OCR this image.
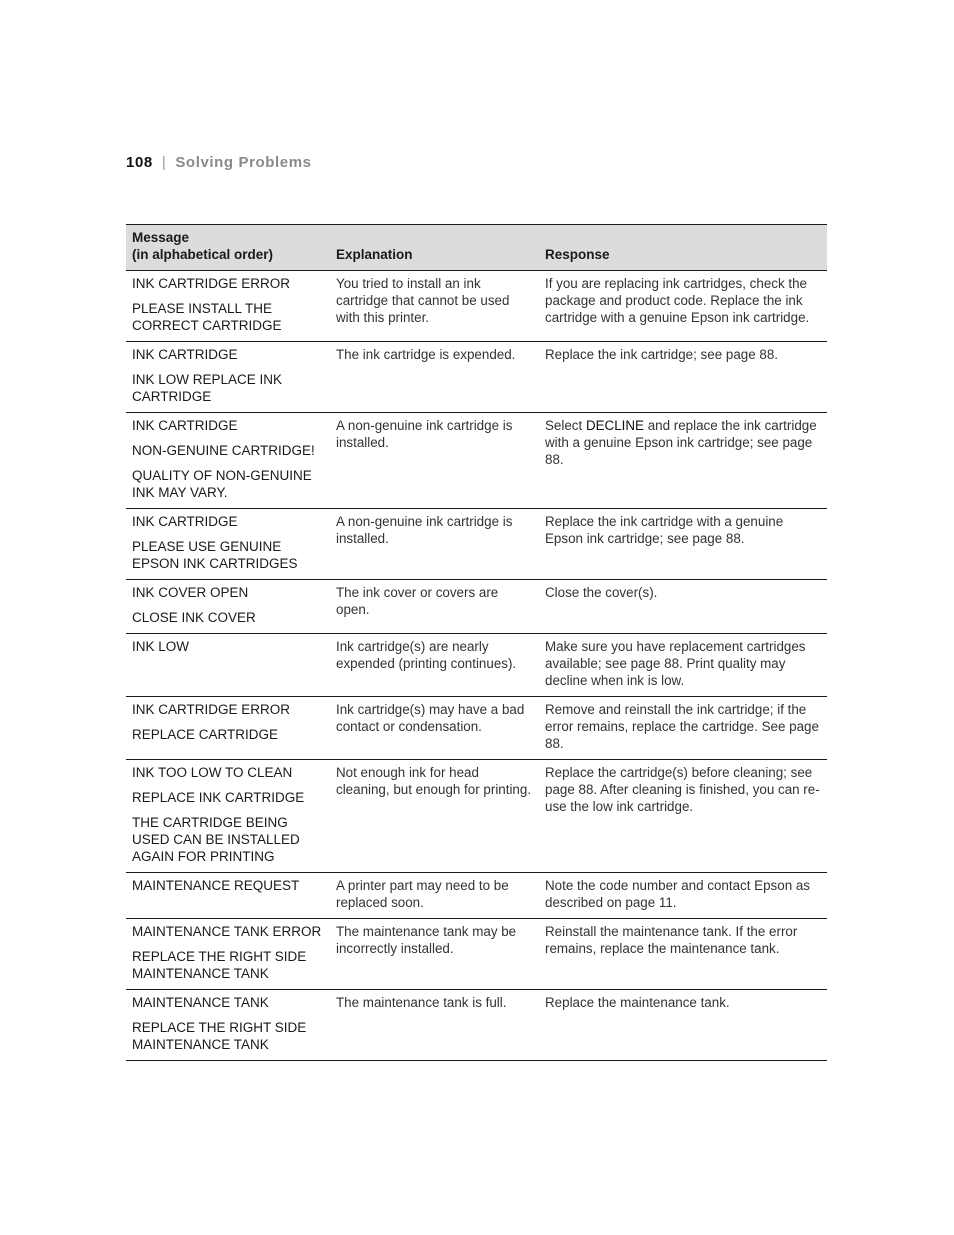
108 | Solving Problems
Message
(in alphabetical order)	Explanation	Response

INK CARTRIDGE ERROR
PLEASE INSTALL THE CORRECT CARTRIDGE	You tried to install an ink cartridge that cannot be used with this printer.	If you are replacing ink cartridges, check the package and product code. Replace the ink cartridge with a genuine Epson ink cartridge.

INK CARTRIDGE
INK LOW REPLACE INK CARTRIDGE	The ink cartridge is expended.	Replace the ink cartridge; see page 88.

INK CARTRIDGE
NON-GENUINE CARTRIDGE!
QUALITY OF NON-GENUINE INK MAY VARY.	A non-genuine ink cartridge is installed.	Select DECLINE and replace the ink cartridge with a genuine Epson ink cartridge; see page 88.

INK CARTRIDGE
PLEASE USE GENUINE EPSON INK CARTRIDGES	A non-genuine ink cartridge is installed.	Replace the ink cartridge with a genuine Epson ink cartridge; see page 88.

INK COVER OPEN
CLOSE INK COVER	The ink cover or covers are open.	Close the cover(s).

INK LOW	Ink cartridge(s) are nearly expended (printing continues).	Make sure you have replacement cartridges available; see page 88. Print quality may decline when ink is low.

INK CARTRIDGE ERROR
REPLACE CARTRIDGE	Ink cartridge(s) may have a bad contact or condensation.	Remove and reinstall the ink cartridge; if the error remains, replace the cartridge. See page 88.

INK TOO LOW TO CLEAN
REPLACE INK CARTRIDGE
THE CARTRIDGE BEING USED CAN BE INSTALLED AGAIN FOR PRINTING	Not enough ink for head cleaning, but enough for printing.	Replace the cartridge(s) before cleaning; see page 88. After cleaning is finished, you can re-use the low ink cartridge.

MAINTENANCE REQUEST	A printer part may need to be replaced soon.	Note the code number and contact Epson as described on page 11.

MAINTENANCE TANK ERROR
REPLACE THE RIGHT SIDE MAINTENANCE TANK	The maintenance tank may be incorrectly installed.	Reinstall the maintenance tank. If the error remains, replace the maintenance tank.

MAINTENANCE TANK
REPLACE THE RIGHT SIDE MAINTENANCE TANK	The maintenance tank is full.	Replace the maintenance tank.
